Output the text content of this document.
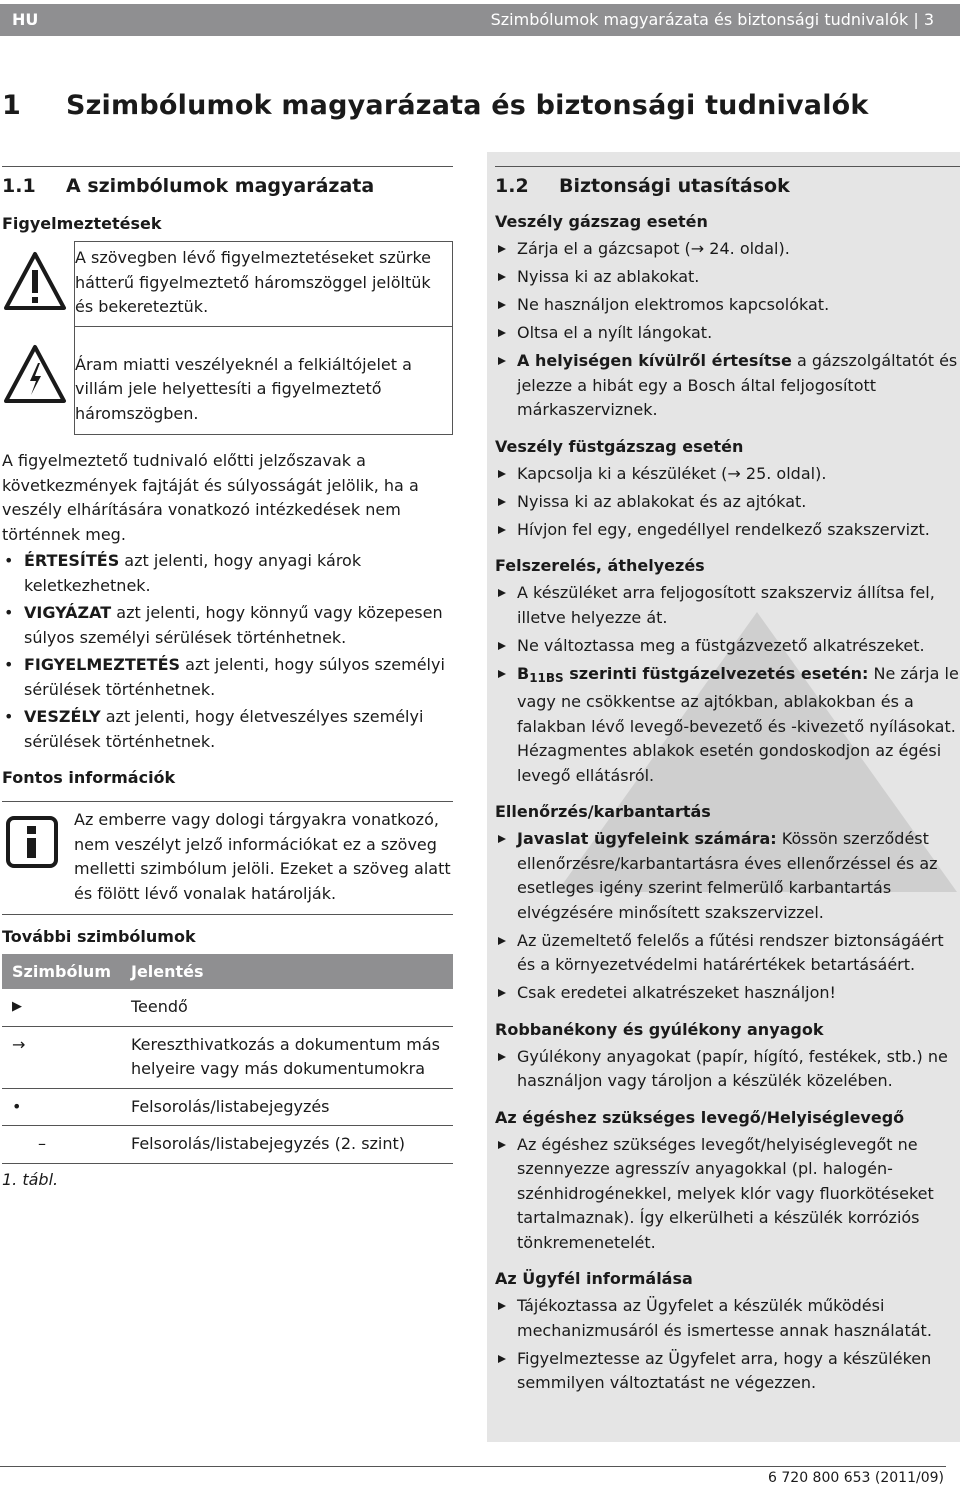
HU	Szimbólumok magyarázata és biztonsági tudnivalók | 3
1 Szimbólumok magyarázata és biztonsági tudnivalók
1.1 A szimbólumok magyarázata
Figyelmeztetések
A szövegben lévő figyelmeztetéseket szürke hátterű figyelmeztető háromszöggel jelöltük és bekereteztük.
Áram miatti veszélyeknél a felkiáltójelet a villám jele helyettesíti a figyelmeztető háromszögben.

A figyelmeztető tudnivaló előtti jelzőszavak a következmények fajtáját és súlyosságát jelölik, ha a veszély elhárítására vonatkozó intézkedések nem történnek meg.

• ÉRTESÍTÉS azt jelenti, hogy anyagi károk keletkezhetnek.
• VIGYÁZAT azt jelenti, hogy könnyű vagy közepesen súlyos személyi sérülések történhetnek.
• FIGYELMEZTETÉS azt jelenti, hogy súlyos személyi sérülések történhetnek.
• VESZÉLY azt jelenti, hogy életveszélyes személyi sérülések történhetnek.
Fontos információk
Az emberre vagy dologi tárgyakra vonatkozó, nem veszélyt jelző információkat ez a szöveg melletti szimbólum jelöli. Ezeket a szöveg alatt és fölött lévő vonalak határolják.
További szimbólumok
Szimbólum	Jelentés
▶	Teendő
→	Kereszthivatkozás a dokumentum más helyeire vagy más dokumentumokra
•	Felsorolás/listabejegyzés
–	Felsorolás/listabejegyzés (2. szint)
1. tábl.
1.2 Biztonsági utasítások
Veszély gázszag esetén
Zárja el a gázcsapot (→ 24. oldal).
Nyissa ki az ablakokat.
Ne használjon elektromos kapcsolókat.
Oltsa el a nyílt lángokat.
A helyiségen kívülről értesítse a gázszolgáltatót és jelezze a hibát egy a Bosch által feljogosított márkaszerviznek.
Veszély füstgázszag esetén
Kapcsolja ki a készüléket (→ 25. oldal).
Nyissa ki az ablakokat és az ajtókat.
Hívjon fel egy, engedéllyel rendelkező szakszervizt.
Felszerelés, áthelyezés
A készüléket arra feljogosított szakszerviz állítsa fel, illetve helyezze át.
Ne változtassa meg a füstgázvezető alkatrészeket.
B11BS szerinti füstgázelvezetés esetén: Ne zárja le vagy ne csökkentse az ajtókban, ablakokban és a falakban lévő levegő-bevezető és -kivezető nyílásokat. Hézagmentes ablakok esetén gondoskodjon az égési levegő ellátásról.
Ellenőrzés/karbantartás
Javaslat ügyfeleink számára: Kössön szerződést ellenőrzésre/karbantartásra éves ellenőrzéssel és az esetleges igény szerint felmerülő karbantartás elvégzésére minősített szakszervizzel.
Az üzemeltető felelős a fűtési rendszer biztonságáért és a környezetvédelmi határértékek betartásáért.
Csak eredetei alkatrészeket használjon!
Robbanékony és gyúlékony anyagok
Gyúlékony anyagokat (papír, hígító, festékek, stb.) ne használjon vagy tároljon a készülék közelében.
Az égéshez szükséges levegő/Helyiséglevegő
Az égéshez szükséges levegőt/helyiséglevegőt ne szennyezze agresszív anyagokkal (pl. halogén-szénhidrogénekkel, melyek klór vagy fluorkötéseket tartalmaznak). Így elkerülheti a készülék korróziós tönkremenetelét.
Az Ügyfél informálása
Tájékoztassa az Ügyfelet a készülék működési mechanizmusáról és ismertesse annak használatát.
Figyelmeztesse az Ügyfelet arra, hogy a készüléken semmilyen változtatást ne végezzen.
6 720 800 653 (2011/09)
